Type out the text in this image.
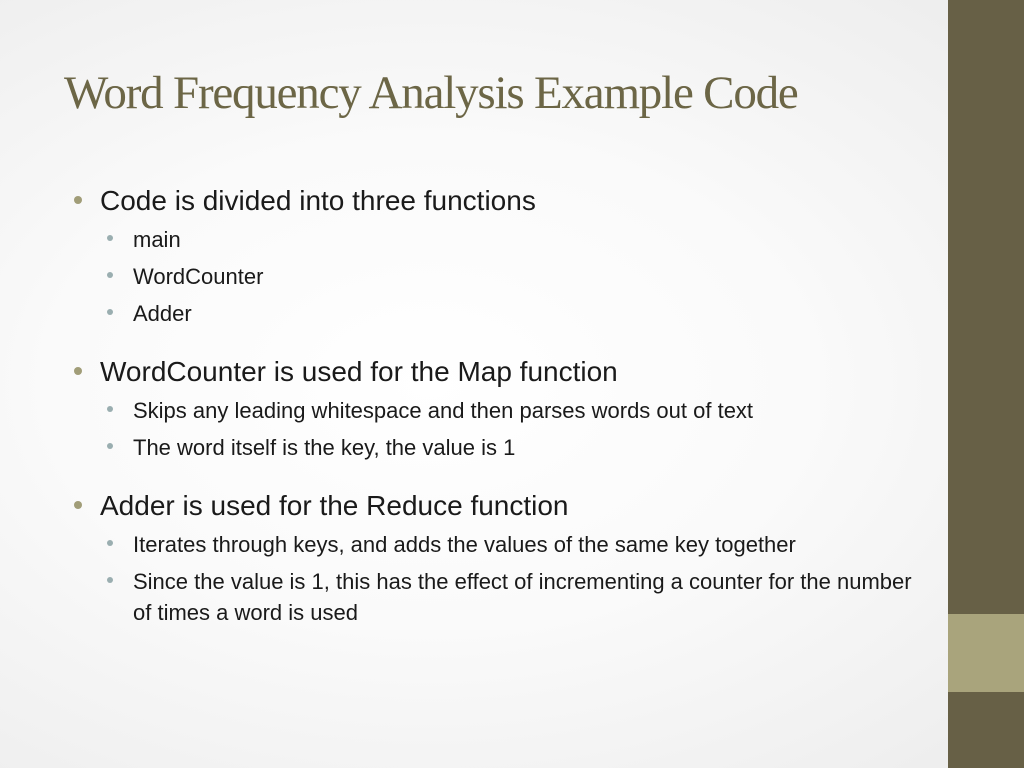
Word Frequency Analysis Example Code
Code is divided into three functions
main
WordCounter
Adder
WordCounter is used for the Map function
Skips any leading whitespace and then parses words out of text
The word itself is the key, the value is 1
Adder is used for the Reduce function
Iterates through keys, and adds the values of the same key together
Since the value is 1, this has the effect of incrementing a counter for the number of times a word is used
